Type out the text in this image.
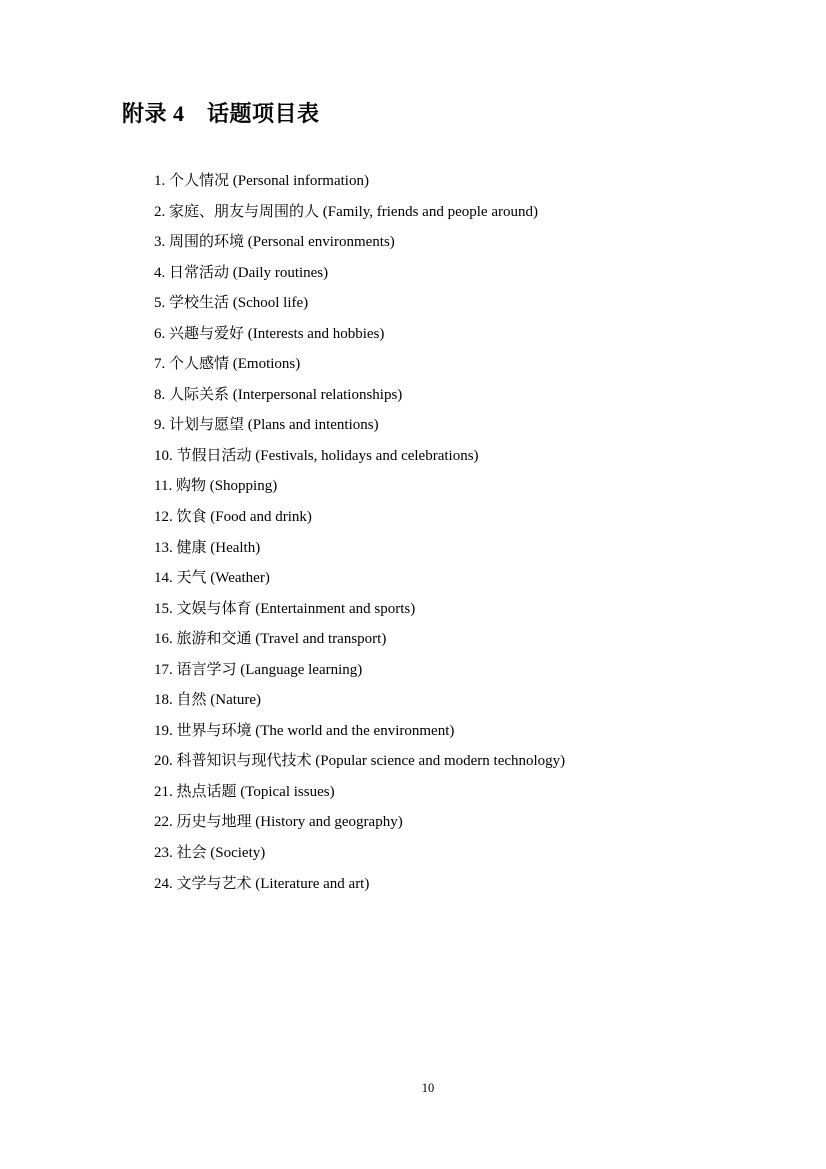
附录 4　话题项目表
1. 个人情况 (Personal information)
2. 家庭、朋友与周围的人 (Family, friends and people around)
3. 周围的环境 (Personal environments)
4. 日常活动 (Daily routines)
5. 学校生活 (School life)
6. 兴趣与爱好 (Interests and hobbies)
7. 个人感情 (Emotions)
8. 人际关系 (Interpersonal relationships)
9. 计划与愿望 (Plans and intentions)
10. 节假日活动 (Festivals, holidays and celebrations)
11. 购物 (Shopping)
12. 饮食 (Food and drink)
13. 健康 (Health)
14. 天气 (Weather)
15. 文娱与体育 (Entertainment and sports)
16. 旅游和交通 (Travel and transport)
17. 语言学习 (Language learning)
18. 自然 (Nature)
19. 世界与环境 (The world and the environment)
20. 科普知识与现代技术 (Popular science and modern technology)
21. 热点话题 (Topical issues)
22. 历史与地理 (History and geography)
23. 社会 (Society)
24. 文学与艺术 (Literature and art)
10
